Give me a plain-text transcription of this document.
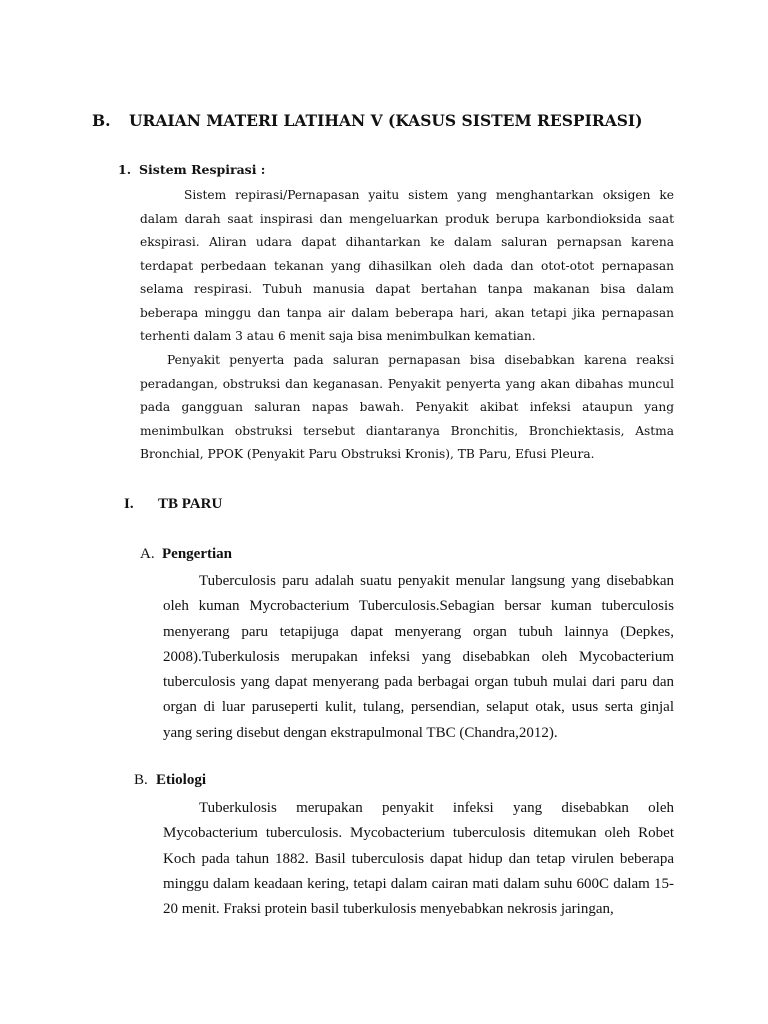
B. URAIAN MATERI LATIHAN V (KASUS SISTEM RESPIRASI)
1. Sistem Respirasi :
Sistem repirasi/Pernapasan yaitu sistem yang menghantarkan oksigen ke dalam darah saat inspirasi dan mengeluarkan produk berupa karbondioksida saat ekspirasi. Aliran udara dapat dihantarkan ke dalam saluran pernapsan karena terdapat perbedaan tekanan yang dihasilkan oleh dada dan otot-otot pernapasan selama respirasi. Tubuh manusia dapat bertahan tanpa makanan bisa dalam beberapa minggu dan tanpa air dalam beberapa hari, akan tetapi jika pernapasan terhenti dalam 3 atau 6 menit saja bisa menimbulkan kematian.
Penyakit penyerta pada saluran pernapasan bisa disebabkan karena reaksi peradangan, obstruksi dan keganasan. Penyakit penyerta yang akan dibahas muncul pada gangguan saluran napas bawah. Penyakit akibat infeksi ataupun yang menimbulkan obstruksi tersebut diantaranya Bronchitis, Bronchiektasis, Astma Bronchial, PPOK (Penyakit Paru Obstruksi Kronis), TB Paru, Efusi Pleura.
I. TB PARU
A. Pengertian
Tuberculosis paru adalah suatu penyakit menular langsung yang disebabkan oleh kuman Mycrobacterium Tuberculosis.Sebagian bersar kuman tuberculosis menyerang paru tetapijuga dapat menyerang organ tubuh lainnya (Depkes, 2008).Tuberkulosis merupakan infeksi yang disebabkan oleh Mycobacterium tuberculosis yang dapat menyerang pada berbagai organ tubuh mulai dari paru dan organ di luar paruseperti kulit, tulang, persendian, selaput otak, usus serta ginjal yang sering disebut dengan ekstrapulmonal TBC (Chandra,2012).
B. Etiologi
Tuberkulosis merupakan penyakit infeksi yang disebabkan oleh Mycobacterium tuberculosis. Mycobacterium tuberculosis ditemukan oleh Robet Koch pada tahun 1882. Basil tuberculosis dapat hidup dan tetap virulen beberapa minggu dalam keadaan kering, tetapi dalam cairan mati dalam suhu 600C dalam 15-20 menit. Fraksi protein basil tuberkulosis menyebabkan nekrosis jaringan,
